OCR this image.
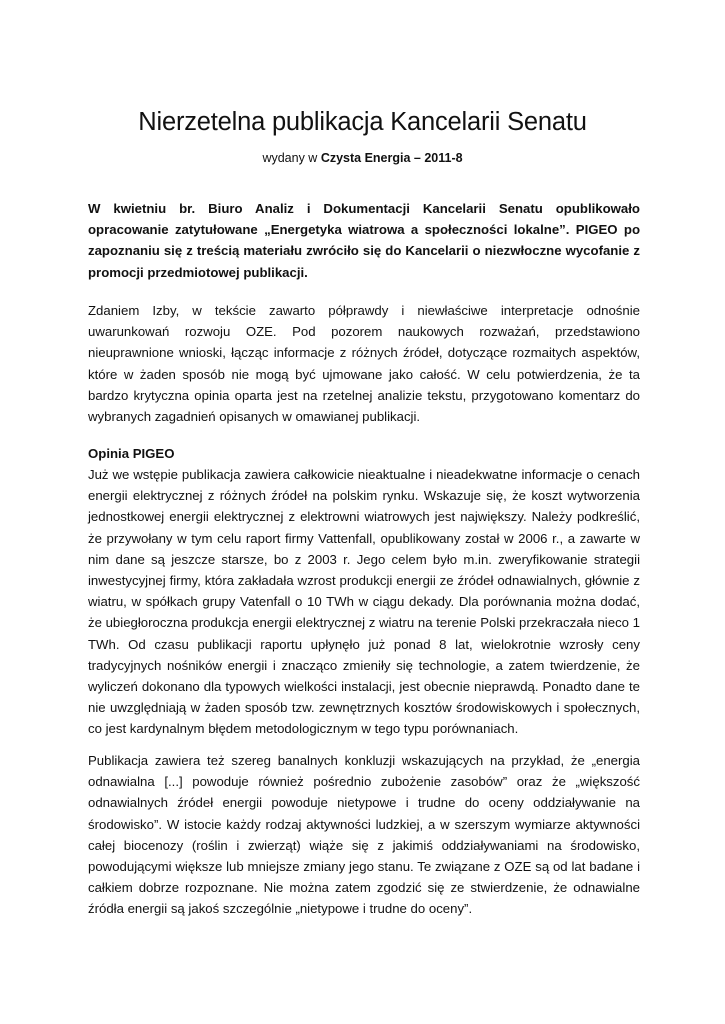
Nierzetelna publikacja Kancelarii Senatu

wydany w Czysta Energia – 2011-8

W kwietniu br. Biuro Analiz i Dokumentacji Kancelarii Senatu opublikowało opracowanie zatytułowane „Energetyka wiatrowa a społeczności lokalne”. PIGEO po zapoznaniu się z treścią materiału zwróciło się do Kancelarii o niezwłoczne wycofanie z promocji przedmiotowej publikacji.

Zdaniem Izby, w tekście zawarto półprawdy i niewłaściwe interpretacje odnośnie uwarunkowań rozwoju OZE. Pod pozorem naukowych rozważań, przedstawiono nieuprawnione wnioski, łącząc informacje z różnych źródeł, dotyczące rozmaitych aspektów, które w żaden sposób nie mogą być ujmowane jako całość. W celu potwierdzenia, że ta bardzo krytyczna opinia oparta jest na rzetelnej analizie tekstu, przygotowano komentarz do wybranych zagadnień opisanych w omawianej publikacji.

Opinia PIGEO

Już we wstępie publikacja zawiera całkowicie nieaktualne i nieadekwatne informacje o cenach energii elektrycznej z różnych źródeł na polskim rynku. Wskazuje się, że koszt wytworzenia jednostkowej energii elektrycznej z elektrowni wiatrowych jest największy. Należy podkreślić, że przywołany w tym celu raport firmy Vattenfall, opublikowany został w 2006 r., a zawarte w nim dane są jeszcze starsze, bo z 2003 r. Jego celem było m.in. zweryfikowanie strategii inwestycyjnej firmy, która zakładała wzrost produkcji energii ze źródeł odnawialnych, głównie z wiatru, w spółkach grupy Vatenfall o 10 TWh w ciągu dekady. Dla porównania można dodać, że ubiegłoroczna produkcja energii elektrycznej z wiatru na terenie Polski przekraczała nieco 1 TWh. Od czasu publikacji raportu upłynęło już ponad 8 lat, wielokrotnie wzrosły ceny tradycyjnych nośników energii i znacząco zmieniły się technologie, a zatem twierdzenie, że wyliczeń dokonano dla typowych wielkości instalacji, jest obecnie nieprawdą. Ponadto dane te nie uwzględniają w żaden sposób tzw. zewnętrznych kosztów środowiskowych i społecznych, co jest kardynalnym błędem metodologicznym w tego typu porównaniach.

Publikacja zawiera też szereg banalnych konkluzji wskazujących na przykład, że „energia odnawialna [...] powoduje również pośrednio zubożenie zasobów” oraz że „większość odnawialnych źródeł energii powoduje nietypowe i trudne do oceny oddziaływanie na środowisko”. W istocie każdy rodzaj aktywności ludzkiej, a w szerszym wymiarze aktywności całej biocenozy (roślin i zwierząt) wiąże się z jakimiś oddziaływaniami na środowisko, powodującymi większe lub mniejsze zmiany jego stanu. Te związane z OZE są od lat badane i całkiem dobrze rozpoznane. Nie można zatem zgodzić się ze stwierdzenie, że odnawialne źródła energii są jakoś szczególnie „nietypowe i trudne do oceny”.
